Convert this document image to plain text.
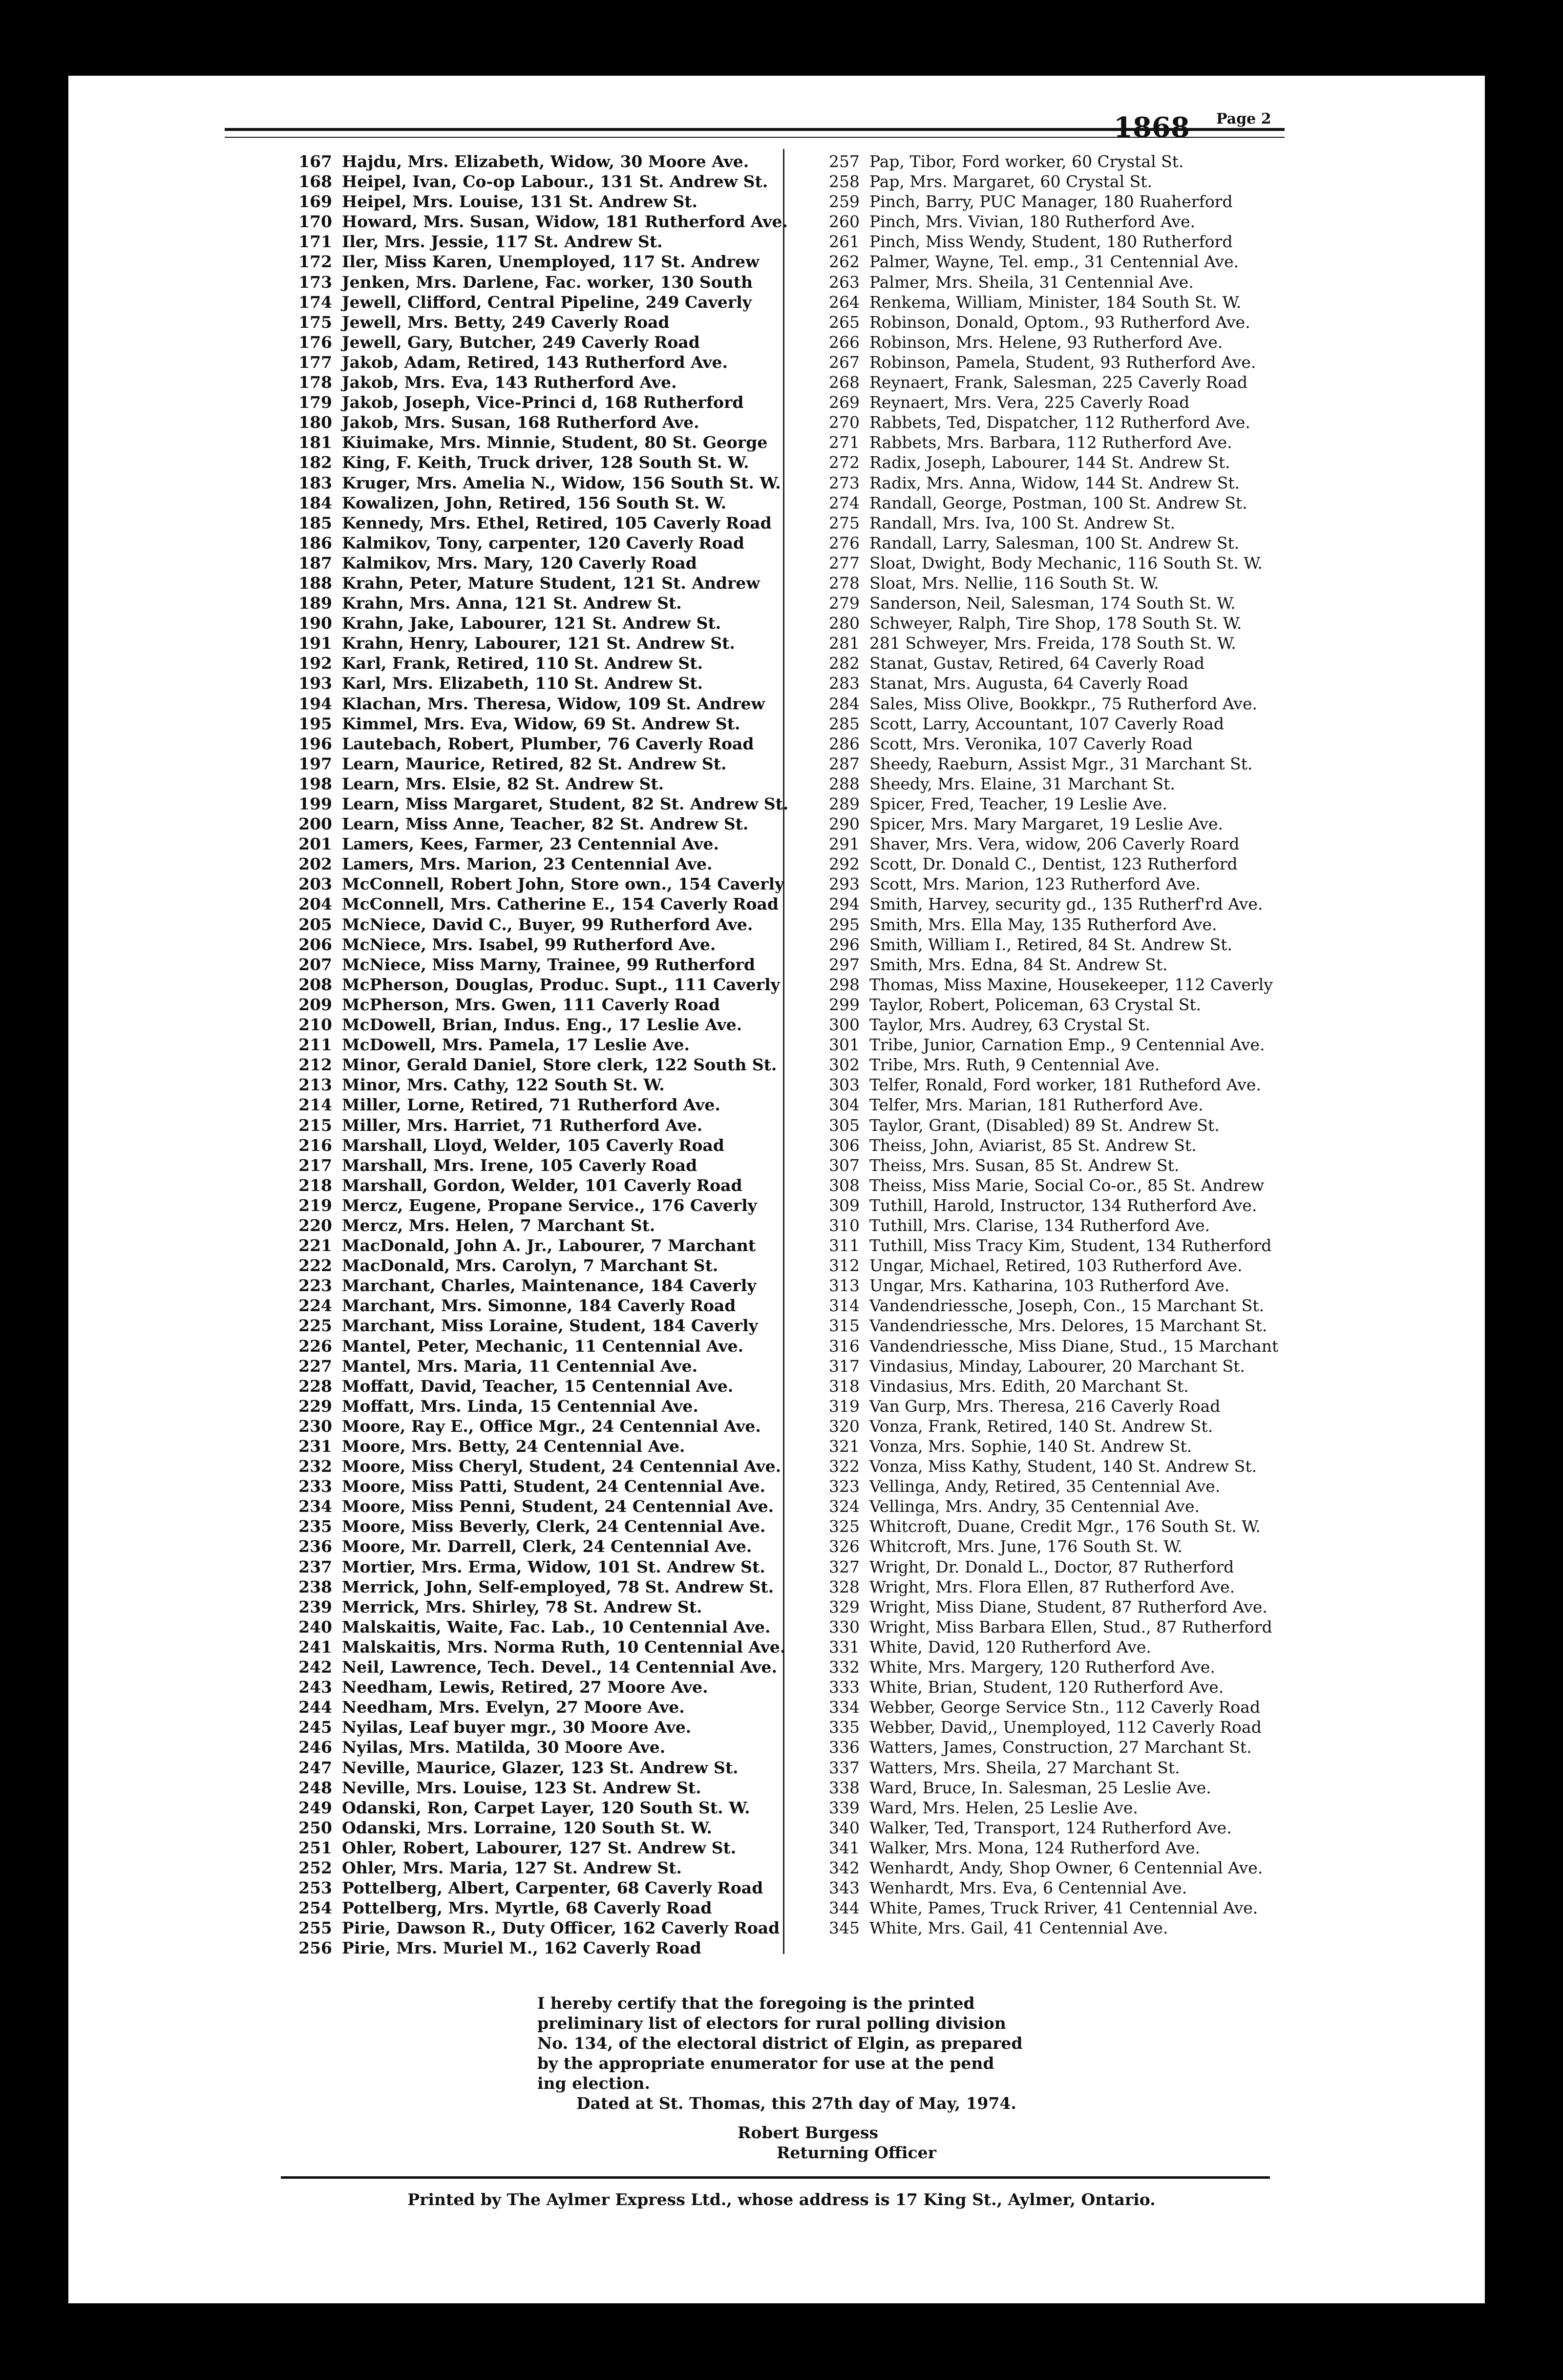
1868 Page 2
167 Hajdu, Mrs. Elizabeth, Widow, 30 Moore Ave.
168 Heipel, Ivan, Co-op Labour., 131 St. Andrew St.
169 Heipel, Mrs. Louise, 131 St. Andrew St.
170 Howard, Mrs. Susan, Widow, 181 Rutherford Ave.
171 Iler, Mrs. Jessie, 117 St. Andrew St.
172 Iler, Miss Karen, Unemployed, 117 St. Andrew
173 Jenken, Mrs. Darlene, Fac. worker, 130 South
174 Jewell, Clifford, Central Pipeline, 249 Caverly
175 Jewell, Mrs. Betty, 249 Caverly Road
176 Jewell, Gary, Butcher, 249 Caverly Road
177 Jakob, Adam, Retired, 143 Rutherford Ave.
178 Jakob, Mrs. Eva, 143 Rutherford Ave.
179 Jakob, Joseph, Vice-Princi d, 168 Rutherford
180 Jakob, Mrs. Susan, 168 Rutherford Ave.
181 Kiuimake, Mrs. Minnie, Student, 80 St. George
182 King, F. Keith, Truck driver, 128 South St. W.
183 Kruger, Mrs. Amelia N., Widow, 156 South St. W.
184 Kowalizen, John, Retired, 156 South St. W.
185 Kennedy, Mrs. Ethel, Retired, 105 Caverly Road
186 Kalmikov, Tony, carpenter, 120 Caverly Road
187 Kalmikov, Mrs. Mary, 120 Caverly Road
188 Krahn, Peter, Mature Student, 121 St. Andrew
189 Krahn, Mrs. Anna, 121 St. Andrew St.
190 Krahn, Jake, Labourer, 121 St. Andrew St.
191 Krahn, Henry, Labourer, 121 St. Andrew St.
192 Karl, Frank, Retired, 110 St. Andrew St.
193 Karl, Mrs. Elizabeth, 110 St. Andrew St.
194 Klachan, Mrs. Theresa, Widow, 109 St. Andrew
195 Kimmel, Mrs. Eva, Widow, 69 St. Andrew St.
196 Lautebach, Robert, Plumber, 76 Caverly Road
197 Learn, Maurice, Retired, 82 St. Andrew St.
198 Learn, Mrs. Elsie, 82 St. Andrew St.
199 Learn, Miss Margaret, Student, 82 St. Andrew St.
200 Learn, Miss Anne, Teacher, 82 St. Andrew St.
201 Lamers, Kees, Farmer, 23 Centennial Ave.
202 Lamers, Mrs. Marion, 23 Centennial Ave.
203 McConnell, Robert John, Store own., 154 Caverly
204 McConnell, Mrs. Catherine E., 154 Caverly Road
205 McNiece, David C., Buyer, 99 Rutherford Ave.
206 McNiece, Mrs. Isabel, 99 Rutherford Ave.
207 McNiece, Miss Marny, Trainee, 99 Rutherford
208 McPherson, Douglas, Produc. Supt., 111 Caverly
209 McPherson, Mrs. Gwen, 111 Caverly Road
210 McDowell, Brian, Indus. Eng., 17 Leslie Ave.
211 McDowell, Mrs. Pamela, 17 Leslie Ave.
212 Minor, Gerald Daniel, Store clerk, 122 South St.
213 Minor, Mrs. Cathy, 122 South St. W.
214 Miller, Lorne, Retired, 71 Rutherford Ave.
215 Miller, Mrs. Harriet, 71 Rutherford Ave.
216 Marshall, Lloyd, Welder, 105 Caverly Road
217 Marshall, Mrs. Irene, 105 Caverly Road
218 Marshall, Gordon, Welder, 101 Caverly Road
219 Mercz, Eugene, Propane Service., 176 Caverly
220 Mercz, Mrs. Helen, 7 Marchant St.
221 MacDonald, John A. Jr., Labourer, 7 Marchant
222 MacDonald, Mrs. Carolyn, 7 Marchant St.
223 Marchant, Charles, Maintenance, 184 Caverly
224 Marchant, Mrs. Simonne, 184 Caverly Road
225 Marchant, Miss Loraine, Student, 184 Caverly
226 Mantel, Peter, Mechanic, 11 Centennial Ave.
227 Mantel, Mrs. Maria, 11 Centennial Ave.
228 Moffatt, David, Teacher, 15 Centennial Ave.
229 Moffatt, Mrs. Linda, 15 Centennial Ave.
230 Moore, Ray E., Office Mgr., 24 Centennial Ave.
231 Moore, Mrs. Betty, 24 Centennial Ave.
232 Moore, Miss Cheryl, Student, 24 Centennial Ave.
233 Moore, Miss Patti, Student, 24 Centennial Ave.
234 Moore, Miss Penni, Student, 24 Centennial Ave.
235 Moore, Miss Beverly, Clerk, 24 Centennial Ave.
236 Moore, Mr. Darrell, Clerk, 24 Centennial Ave.
237 Mortier, Mrs. Erma, Widow, 101 St. Andrew St.
238 Merrick, John, Self-employed, 78 St. Andrew St.
239 Merrick, Mrs. Shirley, 78 St. Andrew St.
240 Malskaitis, Waite, Fac. Lab., 10 Centennial Ave.
241 Malskaitis, Mrs. Norma Ruth, 10 Centennial Ave.
242 Neil, Lawrence, Tech. Devel., 14 Centennial Ave.
243 Needham, Lewis, Retired, 27 Moore Ave.
244 Needham, Mrs. Evelyn, 27 Moore Ave.
245 Nyilas, Leaf buyer mgr., 30 Moore Ave.
246 Nyilas, Mrs. Matilda, 30 Moore Ave.
247 Neville, Maurice, Glazer, 123 St. Andrew St.
248 Neville, Mrs. Louise, 123 St. Andrew St.
249 Odanski, Ron, Carpet Layer, 120 South St. W.
250 Odanski, Mrs. Lorraine, 120 South St. W.
251 Ohler, Robert, Labourer, 127 St. Andrew St.
252 Ohler, Mrs. Maria, 127 St. Andrew St.
253 Pottelberg, Albert, Carpenter, 68 Caverly Road
254 Pottelberg, Mrs. Myrtle, 68 Caverly Road
255 Pirie, Dawson R., Duty Officer, 162 Caverly Road
256 Pirie, Mrs. Muriel M., 162 Caverly Road
257 Pap, Tibor, Ford worker, 60 Crystal St.
258 Pap, Mrs. Margaret, 60 Crystal St.
259 Pinch, Barry, PUC Manager, 180 Ruaherford
260 Pinch, Mrs. Vivian, 180 Rutherford Ave.
261 Pinch, Miss Wendy, Student, 180 Rutherford
262 Palmer, Wayne, Tel. emp., 31 Centennial Ave.
263 Palmer, Mrs. Sheila, 31 Centennial Ave.
264 Renkema, William, Minister, 184 South St. W.
265 Robinson, Donald, Optom., 93 Rutherford Ave.
266 Robinson, Mrs. Helene, 93 Rutherford Ave.
267 Robinson, Pamela, Student, 93 Rutherford Ave.
268 Reynaert, Frank, Salesman, 225 Caverly Road
269 Reynaert, Mrs. Vera, 225 Caverly Road
270 Rabbets, Ted, Dispatcher, 112 Rutherford Ave.
271 Rabbets, Mrs. Barbara, 112 Rutherford Ave.
272 Radix, Joseph, Labourer, 144 St. Andrew St.
273 Radix, Mrs. Anna, Widow, 144 St. Andrew St.
274 Randall, George, Postman, 100 St. Andrew St.
275 Randall, Mrs. Iva, 100 St. Andrew St.
276 Randall, Larry, Salesman, 100 St. Andrew St.
277 Sloat, Dwight, Body Mechanic, 116 South St. W.
278 Sloat, Mrs. Nellie, 116 South St. W.
279 Sanderson, Neil, Salesman, 174 South St. W.
280 Schweyer, Ralph, Tire Shop, 178 South St. W.
281 281 Schweyer, Mrs. Freida, 178 South St. W.
282 Stanat, Gustav, Retired, 64 Caverly Road
283 Stanat, Mrs. Augusta, 64 Caverly Road
284 Sales, Miss Olive, Bookkpr., 75 Rutherford Ave.
285 Scott, Larry, Accountant, 107 Caverly Road
286 Scott, Mrs. Veronika, 107 Caverly Road
287 Sheedy, Raeburn, Assist Mgr., 31 Marchant St.
288 Sheedy, Mrs. Elaine, 31 Marchant St.
289 Spicer, Fred, Teacher, 19 Leslie Ave.
290 Spicer, Mrs. Mary Margaret, 19 Leslie Ave.
291 Shaver, Mrs. Vera, widow, 206 Caverly Roard
292 Scott, Dr. Donald C., Dentist, 123 Rutherford
293 Scott, Mrs. Marion, 123 Rutherford Ave.
294 Smith, Harvey, security gd., 135 Rutherf'rd Ave.
295 Smith, Mrs. Ella May, 135 Rutherford Ave.
296 Smith, William I., Retired, 84 St. Andrew St.
297 Smith, Mrs. Edna, 84 St. Andrew St.
298 Thomas, Miss Maxine, Housekeeper, 112 Caverly
299 Taylor, Robert, Policeman, 63 Crystal St.
300 Taylor, Mrs. Audrey, 63 Crystal St.
301 Tribe, Junior, Carnation Emp., 9 Centennial Ave.
302 Tribe, Mrs. Ruth, 9 Centennial Ave.
303 Telfer, Ronald, Ford worker, 181 Rutheford Ave.
304 Telfer, Mrs. Marian, 181 Rutherford Ave.
305 Taylor, Grant, (Disabled) 89 St. Andrew St.
306 Theiss, John, Aviarist, 85 St. Andrew St.
307 Theiss, Mrs. Susan, 85 St. Andrew St.
308 Theiss, Miss Marie, Social Co-or., 85 St. Andrew
309 Tuthill, Harold, Instructor, 134 Rutherford Ave.
310 Tuthill, Mrs. Clarise, 134 Rutherford Ave.
311 Tuthill, Miss Tracy Kim, Student, 134 Rutherford
312 Ungar, Michael, Retired, 103 Rutherford Ave.
313 Ungar, Mrs. Katharina, 103 Rutherford Ave.
314 Vandendriessche, Joseph, Con., 15 Marchant St.
315 Vandendriessche, Mrs. Delores, 15 Marchant St.
316 Vandendriessche, Miss Diane, Stud., 15 Marchant
317 Vindasius, Minday, Labourer, 20 Marchant St.
318 Vindasius, Mrs. Edith, 20 Marchant St.
319 Van Gurp, Mrs. Theresa, 216 Caverly Road
320 Vonza, Frank, Retired, 140 St. Andrew St.
321 Vonza, Mrs. Sophie, 140 St. Andrew St.
322 Vonza, Miss Kathy, Student, 140 St. Andrew St.
323 Vellinga, Andy, Retired, 35 Centennial Ave.
324 Vellinga, Mrs. Andry, 35 Centennial Ave.
325 Whitcroft, Duane, Credit Mgr., 176 South St. W.
326 Whitcroft, Mrs. June, 176 South St. W.
327 Wright, Dr. Donald L., Doctor, 87 Rutherford
328 Wright, Mrs. Flora Ellen, 87 Rutherford Ave.
329 Wright, Miss Diane, Student, 87 Rutherford Ave.
330 Wright, Miss Barbara Ellen, Stud., 87 Rutherford
331 White, David, 120 Rutherford Ave.
332 White, Mrs. Margery, 120 Rutherford Ave.
333 White, Brian, Student, 120 Rutherford Ave.
334 Webber, George Service Stn., 112 Caverly Road
335 Webber, David,, Unemployed, 112 Caverly Road
336 Watters, James, Construction, 27 Marchant St.
337 Watters, Mrs. Sheila, 27 Marchant St.
338 Ward, Bruce, In. Salesman, 25 Leslie Ave.
339 Ward, Mrs. Helen, 25 Leslie Ave.
340 Walker, Ted, Transport, 124 Rutherford Ave.
341 Walker, Mrs. Mona, 124 Rutherford Ave.
342 Wenhardt, Andy, Shop Owner, 6 Centennial Ave.
343 Wenhardt, Mrs. Eva, 6 Centennial Ave.
344 White, Pames, Truck Rriver, 41 Centennial Ave.
345 White, Mrs. Gail, 41 Centennial Ave.

I hereby certify that the foregoing is the printed

preliminary list of electors for rural polling division

No. 134, of the electoral district of Elgin, as prepared

by the appropriate enumerator for use at the pend

ing election.

Dated at St. Thomas, this 27th day of May, 1974.

Robert Burgess
Returning Officer
Printed by The Aylmer Express Ltd., whose address is 17 King St., Aylmer, Ontario.
